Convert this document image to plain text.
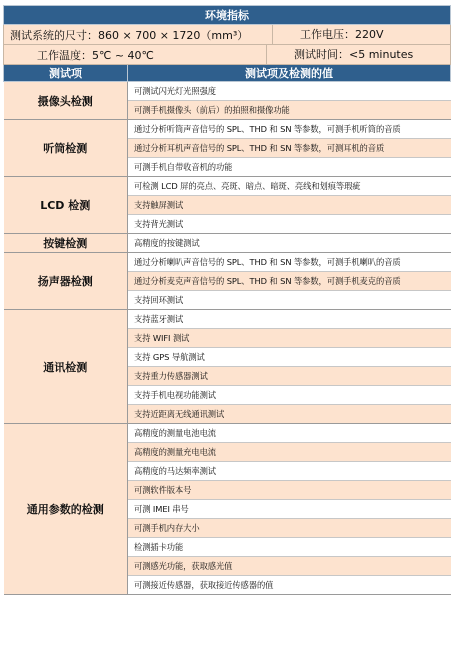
环境指标	

测试系统的尺寸：860 × 700 × 1720（mm³） 工作电压：220V	

工作温度：5℃ ~ 40℃ 测试时间：<5 minutes	

测试项	测试项及检测的值
摄像头检测	可测试闪光灯光照强度
	可测手机摄像头（前后）的拍照和摄像功能
听筒检测	通过分析听筒声音信号的 SPL、THD 和 SN 等参数，可测手机听筒的音质
	通过分析耳机声音信号的 SPL、THD 和 SN 等参数，可测耳机的音质
	可测手机自带收音机的功能
LCD 检测	可检测 LCD 屏的亮点、亮斑、暗点、暗斑、亮线和划痕等瑕疵
	支持触屏测试
	支持背光测试
按键检测	高精度的按键测试
扬声器检测	通过分析喇叭声音信号的 SPL、THD 和 SN 等参数，可测手机喇叭的音质
	通过分析麦克声音信号的 SPL、THD 和 SN 等参数，可测手机麦克的音质
	支持回环测试
通讯检测	支持蓝牙测试
	支持 WIFI 测试
	支持 GPS 导航测试
	支持重力传感器测试
	支持手机电视功能测试
	支持近距离无线通讯测试
通用参数的检测	高精度的测量电池电流
	高精度的测量充电电流
	高精度的马达频率测试
	可测软件版本号
	可测 IMEI 串号
	可测手机内存大小
	检测插卡功能
	可测感光功能，获取感光值
	可测接近传感器，获取接近传感器的值
